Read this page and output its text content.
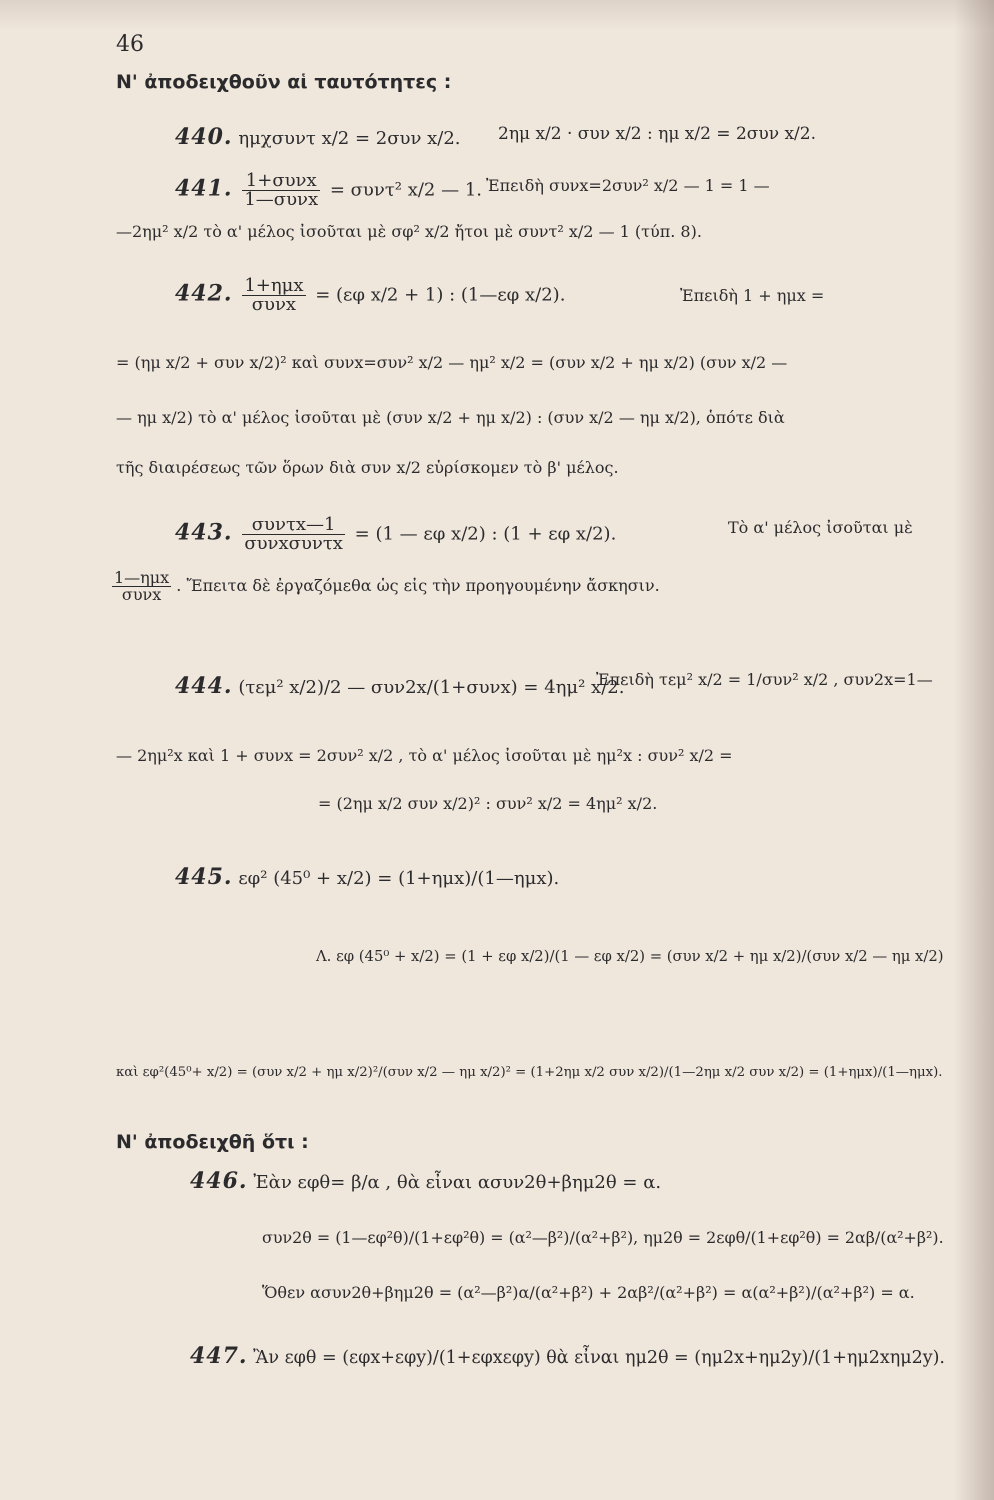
46
Ν' ἀποδειχθοῦν αἱ ταυτότητες :
440. ημχσυντ x/2 = 2συν x/2. 2ημ x/2 · συν x/2 : ημ x/2 = 2συν x/2.
441. $\frac{\text{1+συνx}}{\text{1—συνx}} = \sigma\upsilon\nu\tau^2$ x/2 — 1. Ἐπειδὴ συνx=2συν² x/2 — 1 = 1 —
—2ημ² x/2 τὸ α' μέλος ἰσοῦται μὲ σφ² x/2 ἤτοι μὲ συντ² x/2 — 1 (τύπ. 8).
442. $\frac{\text{1+ημx}}{\text{συνx}} = (\varepsilon\varphi$ x/2 + 1) : (1—εφ x/2).	Ἐπειδὴ 1 + ημx =
= (ημ x/2 + συν x/2)² καὶ συνx=συν² x/2 — ημ² x/2 = (συν x/2 + ημ x/2) (συν x/2 —
— ημ x/2) τὸ α' μέλος ἰσοῦται μὲ (συν x/2 + ημ x/2) : (συν x/2 — ημ x/2), ὁπότε διὰ
τῆς διαιρέσεως τῶν ὅρων διὰ συν x/2 εὑρίσκομεν τὸ β' μέλος.
443. $\frac{\text{συντx—1}}{\text{συνxσυντx}} = (1$ — εφ x/2) : (1 + εφ x/2).	Τὸ α' μέλος ἰσοῦται μὲ
$\frac{\text{1—ημx}}{\text{συνx}}$ . Ἔπειτα δὲ ἐργαζόμεθα ὡς εἰς τὴν προηγουμένην ἄσκησιν.
444. (τεμ² x/2)/2 — συν2x/(1+συνx) = 4ημ² x/2.
Ἐπειδὴ τεμ² x/2 = 1/συν² x/2 , συν2x=1—
— 2ημ²x καὶ 1 + συνx = 2συν² x/2 , τὸ α' μέλος ἰσοῦται μὲ ημ²x : συν² x/2 =
= (2ημ x/2 συν x/2)² : συν² x/2 = 4ημ² x/2.
445. εφ² (45⁰ + x/2) = (1+ημx)/(1—ημx).
Λ. εφ (45⁰ + x/2) = (1 + εφ x/2)/(1 — εφ x/2) = (συν x/2 + ημ x/2)/(συν x/2 — ημ x/2)
καὶ εφ²(45⁰+ x/2) = (συν x/2 + ημ x/2)²/(συν x/2 — ημ x/2)² = (1+2ημ x/2 συν x/2)/(1—2ημ x/2 συν x/2) = (1+ημx)/(1—ημx).
Ν' ἀποδειχθῆ ὅτι :
446. Ἐὰν εφθ= β/α , θὰ εἶναι ασυν2θ+βημ2θ = α.
συν2θ = (1—εφ²θ)/(1+εφ²θ) = (α²—β²)/(α²+β²), ημ2θ = 2εφθ/(1+εφ²θ) = 2αβ/(α²+β²).
Ὅθεν ασυν2θ+βημ2θ = (α²—β²)α/(α²+β²) + 2αβ²/(α²+β²) = α(α²+β²)/(α²+β²) = α.
447. Ἂν εφθ = (εφx+εφy)/(1+εφxεφy) θὰ εἶναι ημ2θ = (ημ2x+ημ2y)/(1+ημ2xημ2y).
